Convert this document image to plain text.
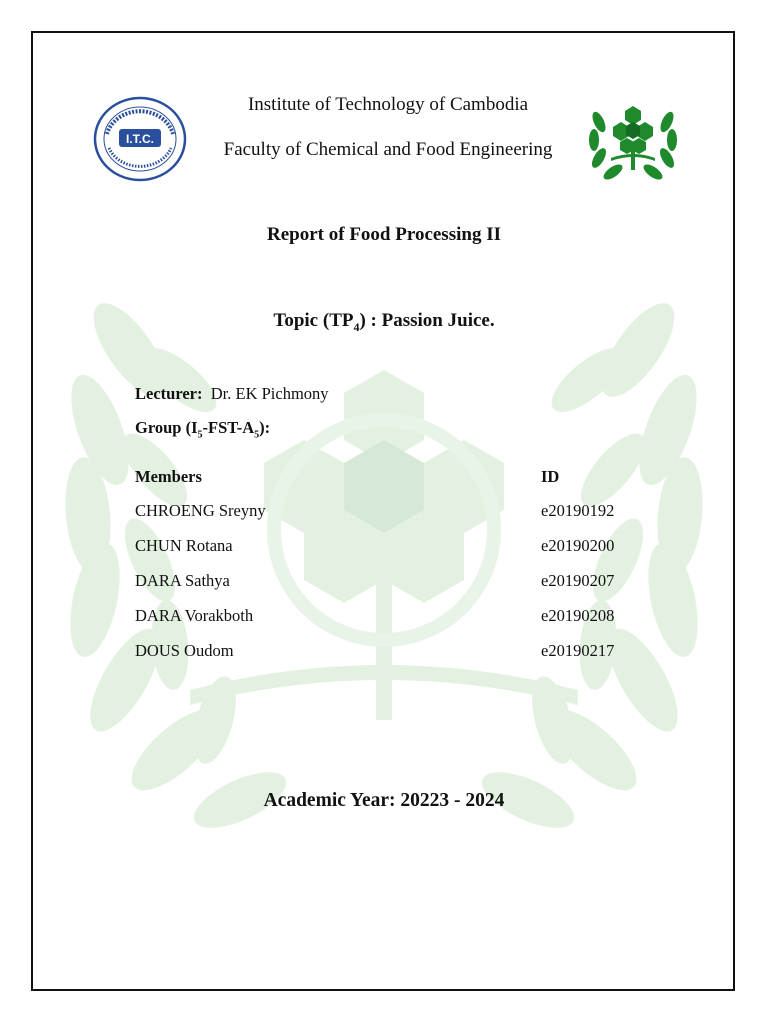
I.T.C.
Institute of Technology of Cambodia
Faculty of Chemical and Food Engineering
Report of Food Processing II
Topic $(TP_4)$ : Passion Juice.
Lecturer: Dr. EK Pichmony
Group $(I_5-FST-A_5)$:
Members	ID
CHROENG Sreyny	e20190192
CHUN Rotana	e20190200
DARA Sathya	e20190207
DARA Vorakboth	e20190208
DOUS Oudom	e20190217
Academic Year: 20223 - 2024
